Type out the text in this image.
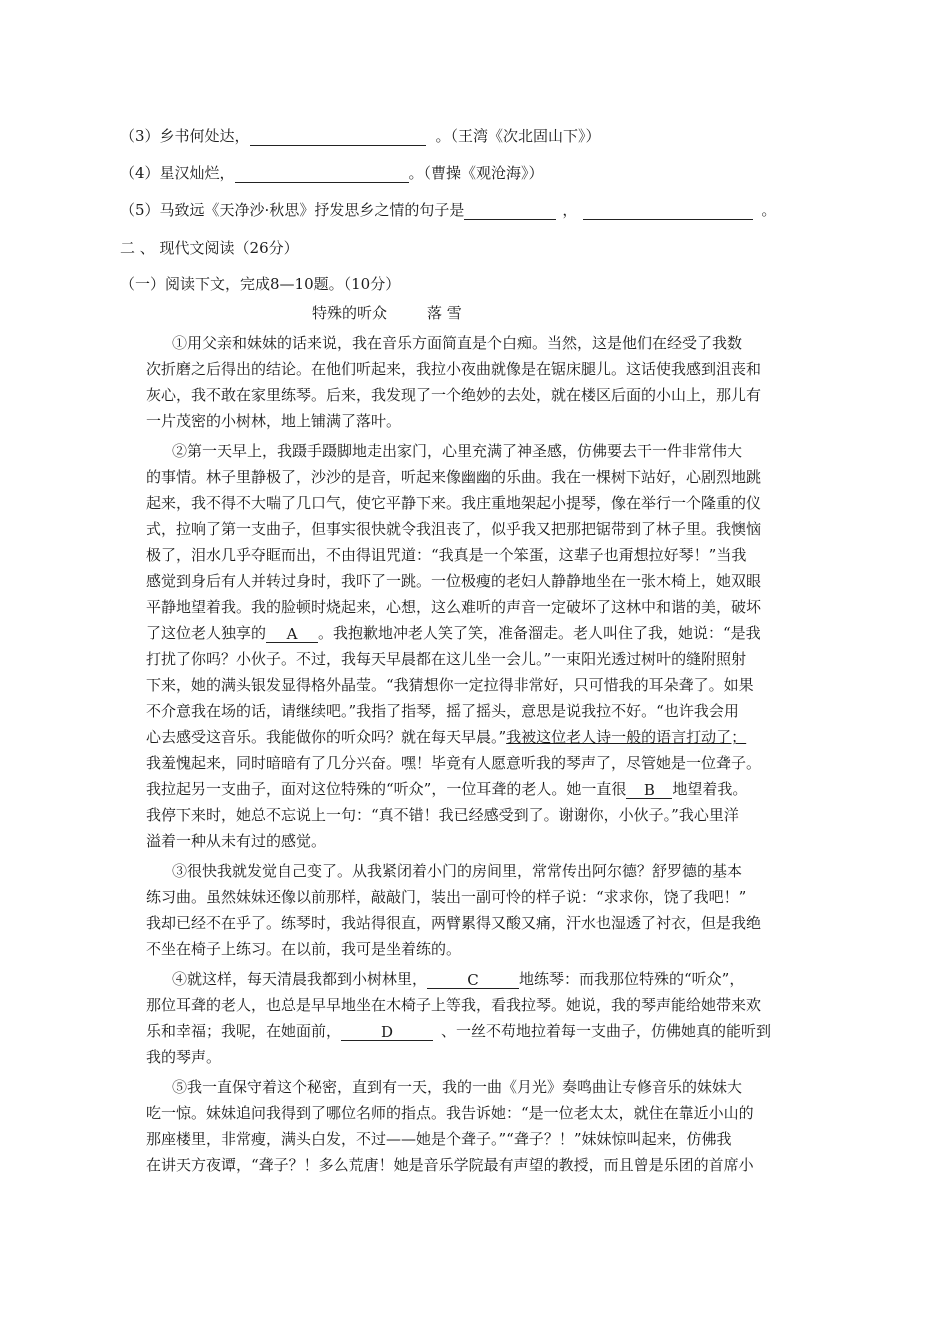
（3）乡书何处达，	。（王湾《次北固山下》）
（4）星汉灿烂，	。（曹操《观沧海》）
（5）马致远《天净沙·秋思》抒发思乡之情的句子是	，	。
二 、 现代文阅读（26分）
（一）阅读下文，完成8—10题。（10分）
特殊的听众	落 雪
①用父亲和妹妹的话来说，我在音乐方面简直是个白痴。当然，这是他们在经受了我数
次折磨之后得出的结论。在他们听起来，我拉小夜曲就像是在锯床腿儿。这话使我感到沮丧和
灰心，我不敢在家里练琴。后来，我发现了一个绝妙的去处，就在楼区后面的小山上，那儿有
一片茂密的小树林，地上铺满了落叶。
②第一天早上，我蹑手蹑脚地走出家门，心里充满了神圣感，仿佛要去干一件非常伟大
的事情。林子里静极了，沙沙的是音，听起来像幽幽的乐曲。我在一棵树下站好，心剧烈地跳
起来，我不得不大喘了几口气，使它平静下来。我庄重地架起小提琴，像在举行一个隆重的仪
式，拉响了第一支曲子，但事实很快就令我沮丧了，似乎我又把那把锯带到了林子里。我懊恼
极了，泪水几乎夺眶而出，不由得诅咒道：“我真是一个笨蛋，这辈子也甭想拉好琴！”当我
感觉到身后有人并转过身时，我吓了一跳。一位极瘦的老妇人静静地坐在一张木椅上，她双眼
平静地望着我。我的脸顿时烧起来，心想，这么难听的声音一定破坏了这林中和谐的美，破坏
了这位老人独享的 A 。我抱歉地冲老人笑了笑，准备溜走。老人叫住了我，她说：“是我
打扰了你吗？小伙子。不过，我每天早晨都在这儿坐一会儿。”一束阳光透过树叶的缝附照射
下来，她的满头银发显得格外晶莹。“我猜想你一定拉得非常好，只可惜我的耳朵聋了。如果
不介意我在场的话，请继续吧。”我指了指琴，摇了摇头，意思是说我拉不好。“也许我会用
心去感受这音乐。我能做你的听众吗？就在每天早晨。”我被这位老人诗一般的语言打动了；
我羞愧起来，同时暗暗有了几分兴奋。嘿！毕竟有人愿意听我的琴声了，尽管她是一位聋子。
我拉起另一支曲子，面对这位特殊的“听众”，一位耳聋的老人。她一直很 B 地望着我。
我停下来时，她总不忘说上一句：“真不错！我已经感受到了。谢谢你，小伙子。”我心里洋
溢着一种从未有过的感觉。
③很快我就发觉自己变了。从我紧闭着小门的房间里，常常传出阿尔德？舒罗德的基本
练习曲。虽然妹妹还像以前那样，敲敲门，装出一副可怜的样子说：“求求你，饶了我吧！”
我却已经不在乎了。练琴时，我站得很直，两臂累得又酸又痛，汗水也湿透了衬衣，但是我绝
不坐在椅子上练习。在以前，我可是坐着练的。
④就这样，每天清晨我都到小树林里，	C	地练琴：而我那位特殊的“听众”，
那位耳聋的老人，也总是早早地坐在木椅子上等我，看我拉琴。她说，我的琴声能给她带来欢
乐和幸福；我呢，在她面前，	D	、一丝不苟地拉着每一支曲子，仿佛她真的能听到
我的琴声。
⑤我一直保守着这个秘密，直到有一天，我的一曲《月光》奏鸣曲让专修音乐的妹妹大
吃一惊。妹妹追问我得到了哪位名师的指点。我告诉她：“是一位老太太，就住在靠近小山的
那座楼里，非常瘦，满头白发，不过——她是个聋子。”“聋子？！”妹妹惊叫起来，仿佛我
在讲天方夜谭，“聋子？！多么荒唐！她是音乐学院最有声望的教授，而且曾是乐团的首席小
